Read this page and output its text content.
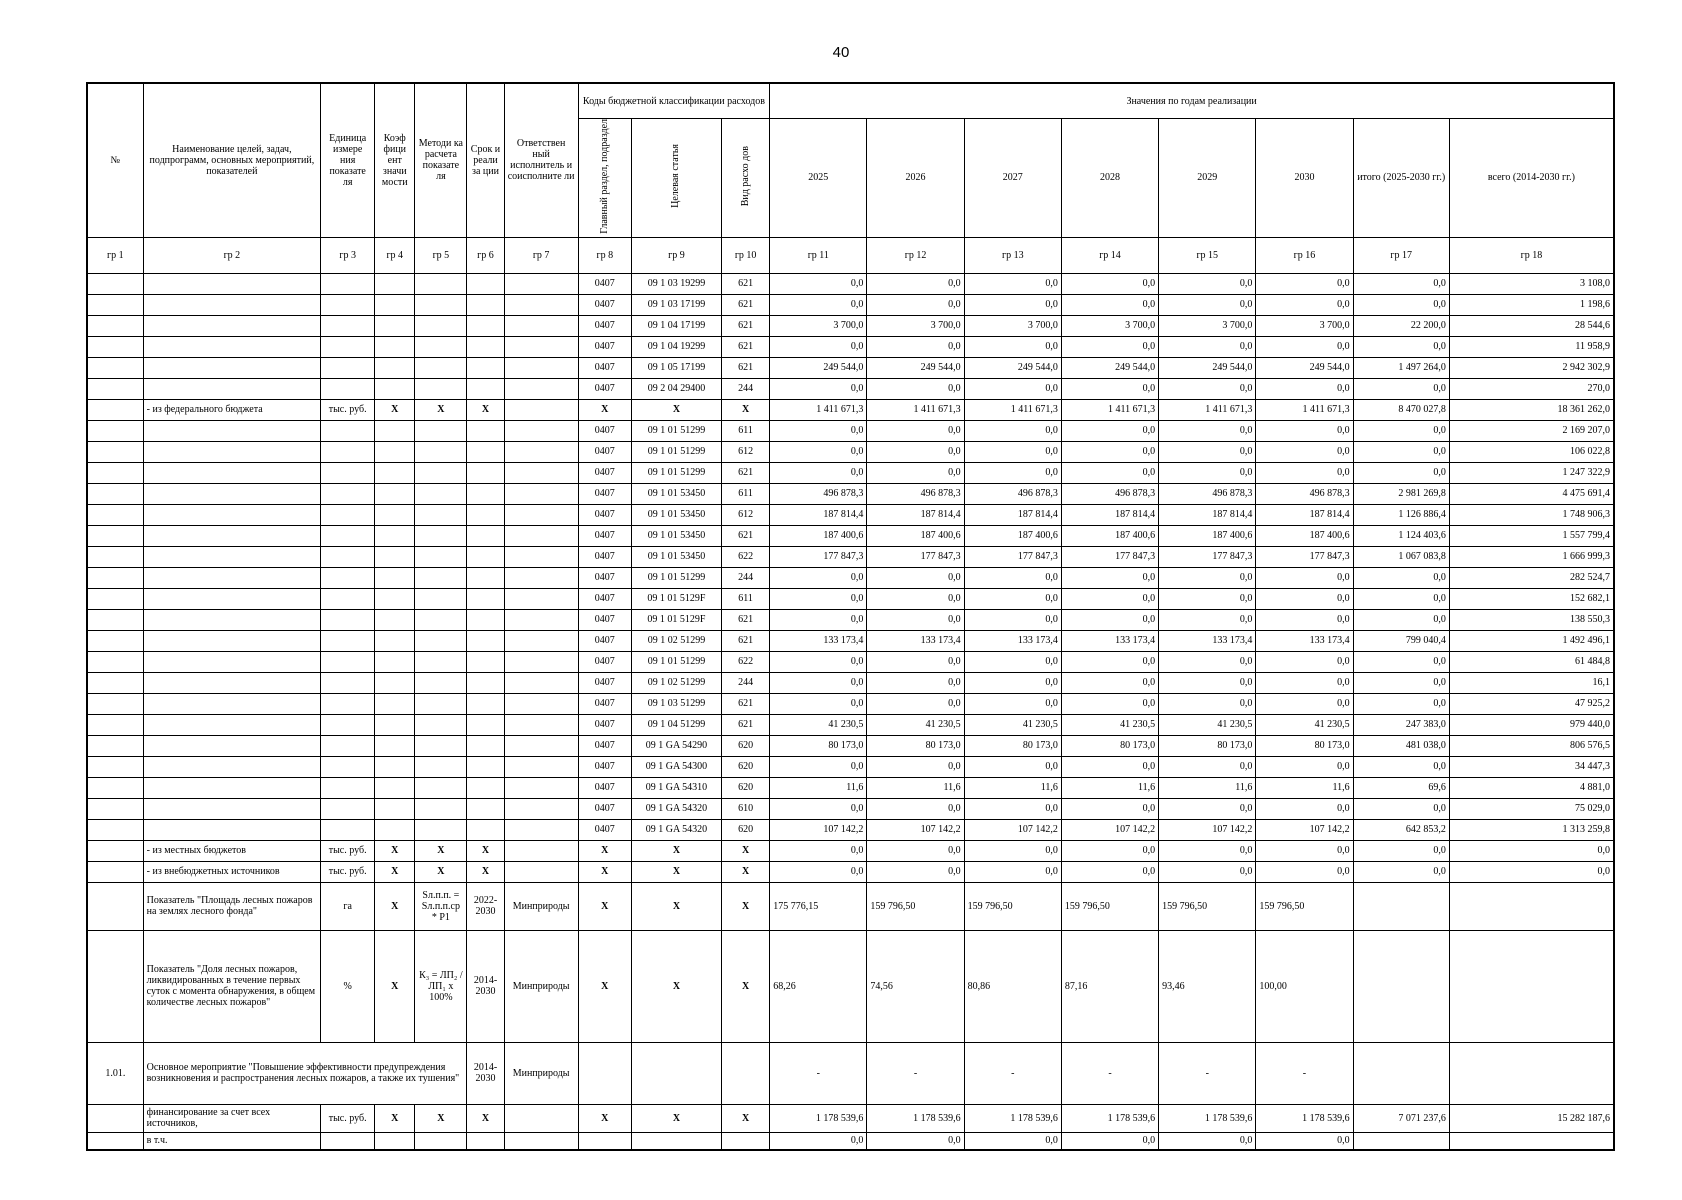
40
№	Наименование целей, задач, подпрограмм, основных мероприятий, показателей	Единица измере ния показате ля	Коэф фици ент значи мости	Методи ка расчета показате ля	Срок и реали за ции	Ответствен ный исполнитель и соисполните ли	Коды бюджетной классификации расходов			Значения по годам реализации							
							Главный раздел, подраздел	Целевая статья	Вид расхо дов	2025	2026	2027	2028	2029	2030	итого (2025-2030 гг.)	всего (2014-2030 гг.)
гр 1	гр 2	гр 3	гр 4	гр 5	гр 6	гр 7	гр 8	гр 9	гр 10	гр 11	гр 12	гр 13	гр 14	гр 15	гр 16	гр 17	гр 18
							0407	09 1 03 19299	621	0,0	0,0	0,0	0,0	0,0	0,0	0,0	3 108,0
							0407	09 1 03 17199	621	0,0	0,0	0,0	0,0	0,0	0,0	0,0	1 198,6
							0407	09 1 04 17199	621	3 700,0	3 700,0	3 700,0	3 700,0	3 700,0	3 700,0	22 200,0	28 544,6
							0407	09 1 04 19299	621	0,0	0,0	0,0	0,0	0,0	0,0	0,0	11 958,9
							0407	09 1 05 17199	621	249 544,0	249 544,0	249 544,0	249 544,0	249 544,0	249 544,0	1 497 264,0	2 942 302,9
							0407	09 2 04 29400	244	0,0	0,0	0,0	0,0	0,0	0,0	0,0	270,0
	- из федерального бюджета	тыс. руб.	Х	Х	Х		Х	Х	Х	1 411 671,3	1 411 671,3	1 411 671,3	1 411 671,3	1 411 671,3	1 411 671,3	8 470 027,8	18 361 262,0
							0407	09 1 01 51299	611	0,0	0,0	0,0	0,0	0,0	0,0	0,0	2 169 207,0
							0407	09 1 01 51299	612	0,0	0,0	0,0	0,0	0,0	0,0	0,0	106 022,8
							0407	09 1 01 51299	621	0,0	0,0	0,0	0,0	0,0	0,0	0,0	1 247 322,9
							0407	09 1 01 53450	611	496 878,3	496 878,3	496 878,3	496 878,3	496 878,3	496 878,3	2 981 269,8	4 475 691,4
							0407	09 1 01 53450	612	187 814,4	187 814,4	187 814,4	187 814,4	187 814,4	187 814,4	1 126 886,4	1 748 906,3
							0407	09 1 01 53450	621	187 400,6	187 400,6	187 400,6	187 400,6	187 400,6	187 400,6	1 124 403,6	1 557 799,4
							0407	09 1 01 53450	622	177 847,3	177 847,3	177 847,3	177 847,3	177 847,3	177 847,3	1 067 083,8	1 666 999,3
							0407	09 1 01 51299	244	0,0	0,0	0,0	0,0	0,0	0,0	0,0	282 524,7
							0407	09 1 01 5129F	611	0,0	0,0	0,0	0,0	0,0	0,0	0,0	152 682,1
							0407	09 1 01 5129F	621	0,0	0,0	0,0	0,0	0,0	0,0	0,0	138 550,3
							0407	09 1 02 51299	621	133 173,4	133 173,4	133 173,4	133 173,4	133 173,4	133 173,4	799 040,4	1 492 496,1
							0407	09 1 01 51299	622	0,0	0,0	0,0	0,0	0,0	0,0	0,0	61 484,8
							0407	09 1 02 51299	244	0,0	0,0	0,0	0,0	0,0	0,0	0,0	16,1
							0407	09 1 03 51299	621	0,0	0,0	0,0	0,0	0,0	0,0	0,0	47 925,2
							0407	09 1 04 51299	621	41 230,5	41 230,5	41 230,5	41 230,5	41 230,5	41 230,5	247 383,0	979 440,0
							0407	09 1 GA 54290	620	80 173,0	80 173,0	80 173,0	80 173,0	80 173,0	80 173,0	481 038,0	806 576,5
							0407	09 1 GA 54300	620	0,0	0,0	0,0	0,0	0,0	0,0	0,0	34 447,3
							0407	09 1 GA 54310	620	11,6	11,6	11,6	11,6	11,6	11,6	69,6	4 881,0
							0407	09 1 GA 54320	610	0,0	0,0	0,0	0,0	0,0	0,0	0,0	75 029,0
							0407	09 1 GA 54320	620	107 142,2	107 142,2	107 142,2	107 142,2	107 142,2	107 142,2	642 853,2	1 313 259,8
	- из местных бюджетов	тыс. руб.	Х	Х	Х		Х	Х	Х	0,0	0,0	0,0	0,0	0,0	0,0	0,0	0,0
	- из внебюджетных источников	тыс. руб.	Х	Х	Х		Х	Х	Х	0,0	0,0	0,0	0,0	0,0	0,0	0,0	0,0
	Показатель "Площадь лесных пожаров на землях лесного фонда"	га	Х	Sл.п.п. = Sл.п.п.ср * P1	2022-2030	Минприроды	Х	Х	Х	175 776,15	159 796,50	159 796,50	159 796,50	159 796,50	159 796,50		
	Показатель "Доля лесных пожаров, ликвидированных в течение первых суток с момента обнаружения, в общем количестве лесных пожаров"	%	Х	К₃ = ЛП₂ / ЛП₁ х 100%	2014-2030	Минприроды	Х	Х	Х	68,26	74,56	80,86	87,16	93,46	100,00		
1.01.	Основное мероприятие "Повышение эффективности предупреждения возникновения и распространения лесных пожаров, а также их тушения"				2014-2030	Минприроды				-	-	-	-	-	-		
	финансирование за счет всех источников,	тыс. руб.	Х	Х	Х		Х	Х	Х	1 178 539,6	1 178 539,6	1 178 539,6	1 178 539,6	1 178 539,6	1 178 539,6	7 071 237,6	15 282 187,6
	в т.ч.									0,0	0,0	0,0	0,0	0,0	0,0		
